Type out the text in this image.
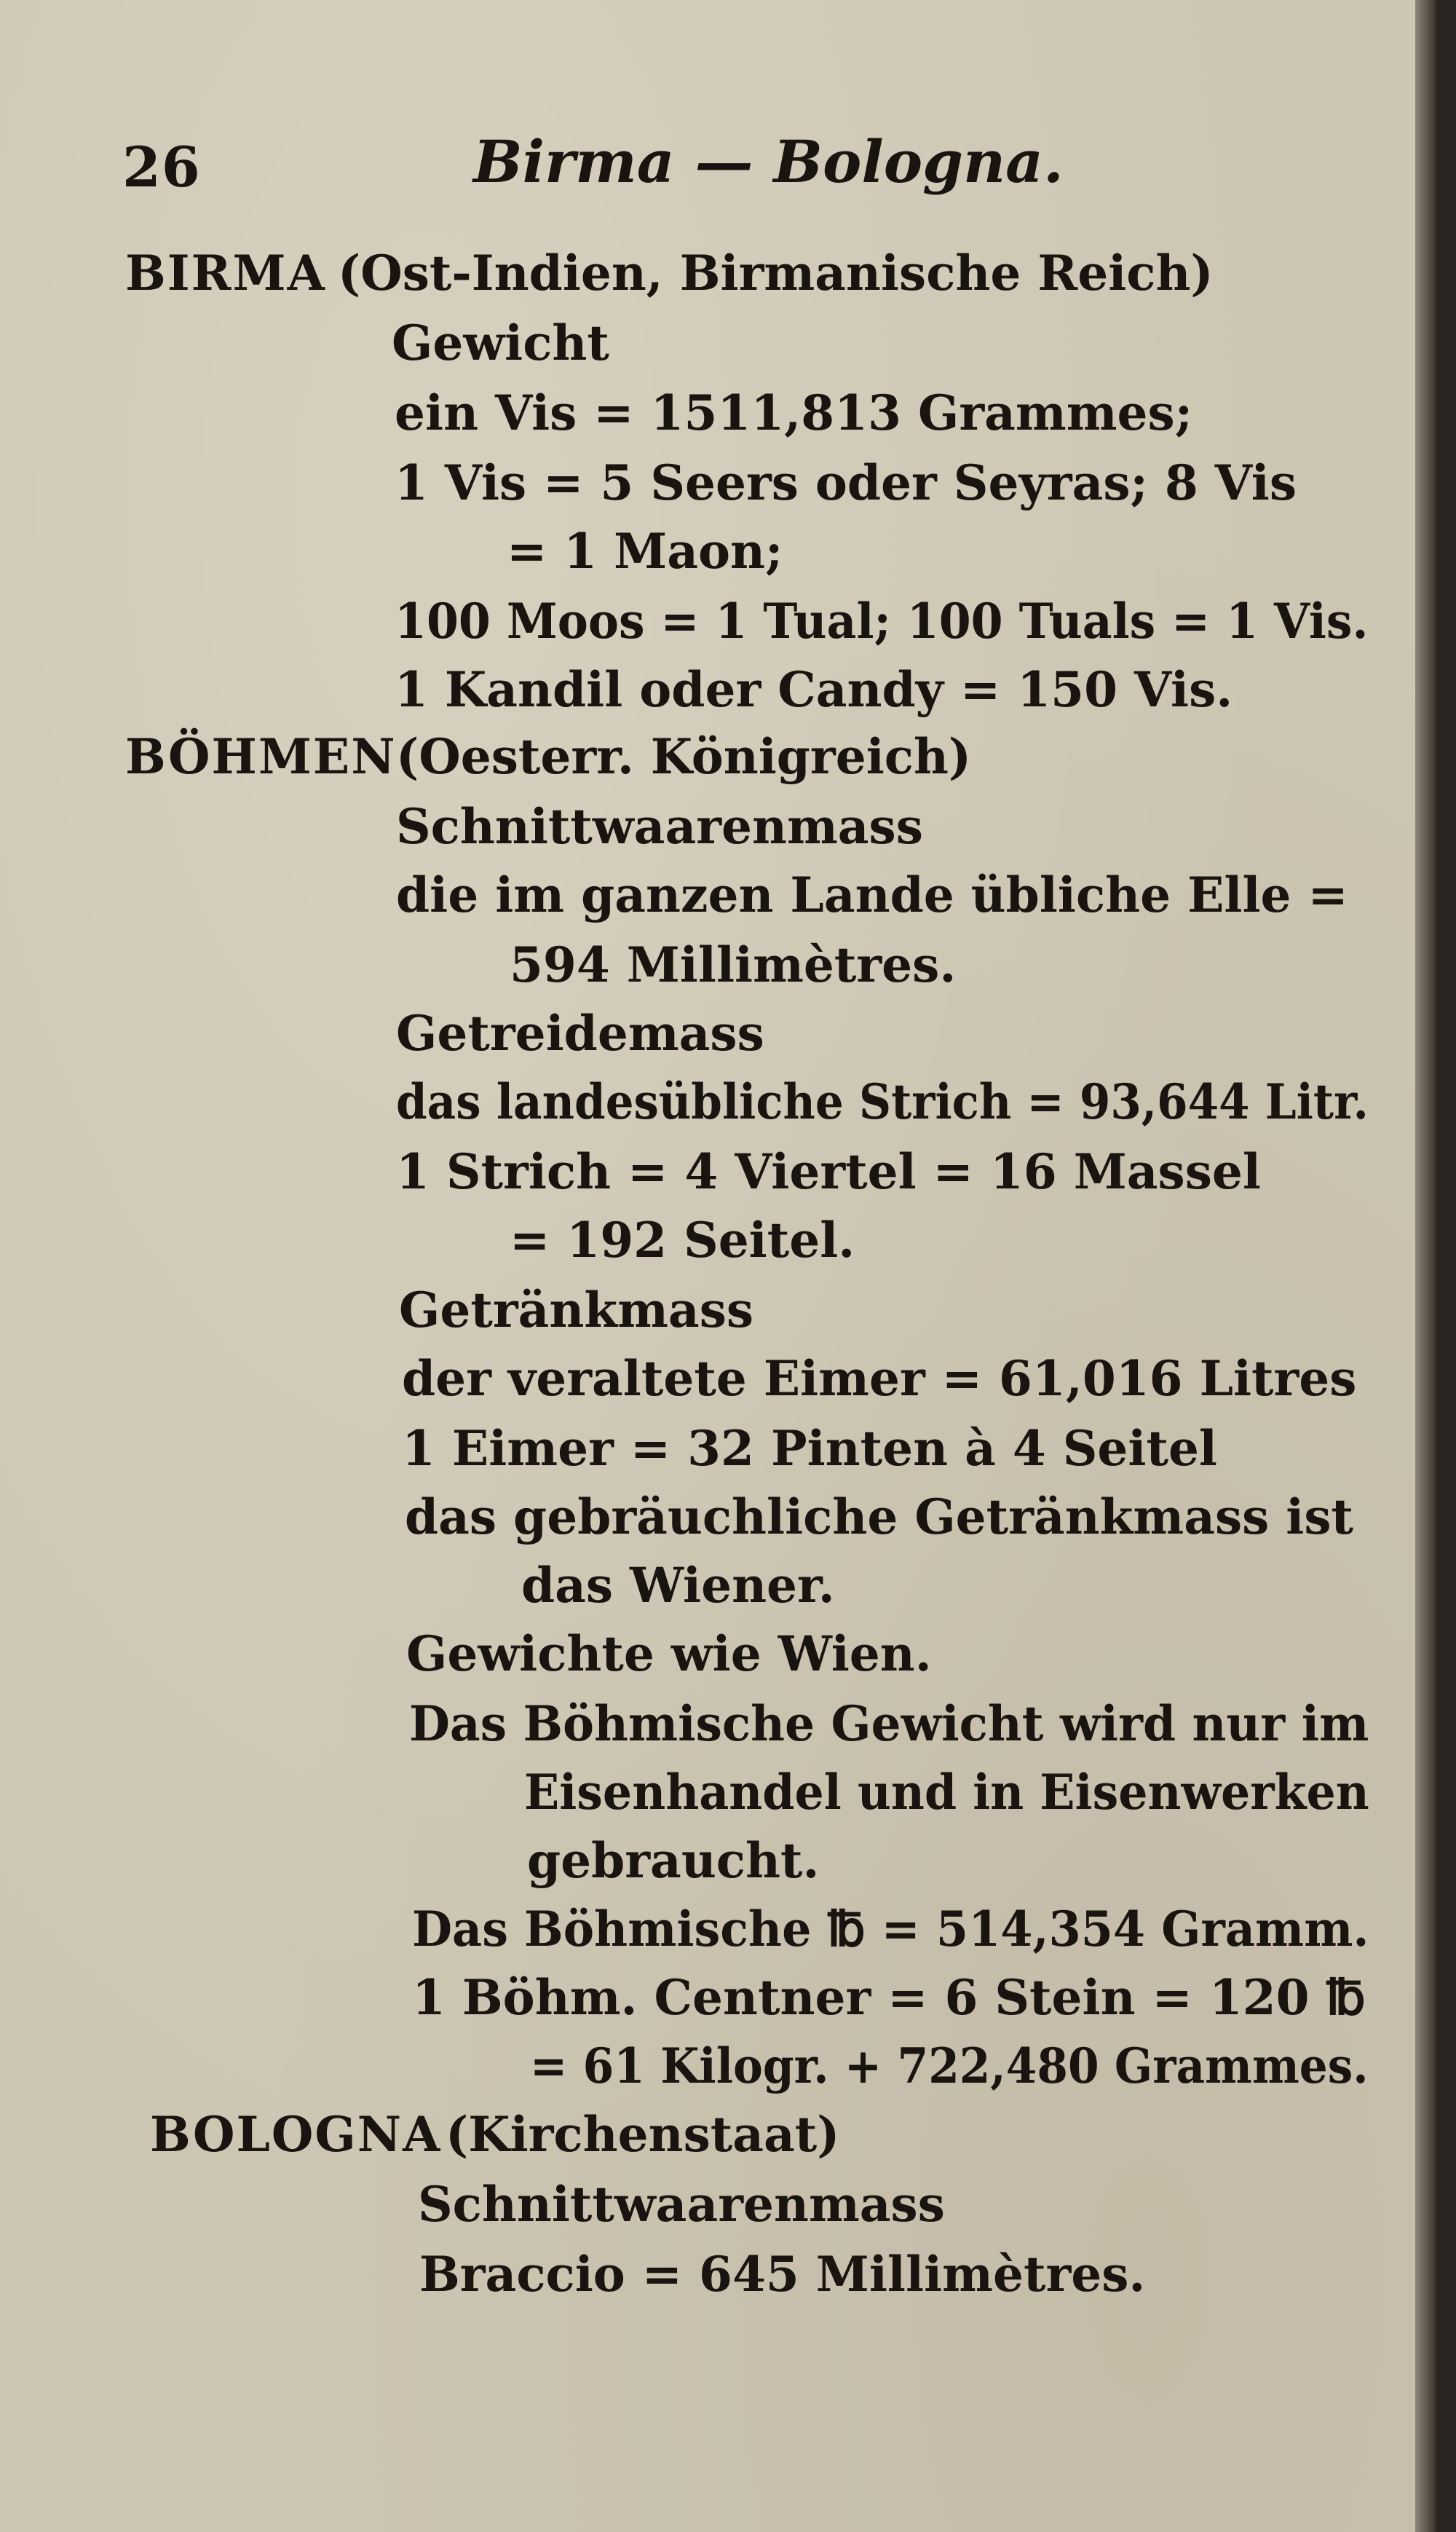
26	Birma — Bologna.
BIRMA (Ost-Indien, Birmanische Reich)
Gewicht
ein Vis = 1511,813 Grammes;
1 Vis = 5 Seers oder Seyras; 8 Vis
= 1 Maon;
100 Moos = 1 Tual; 100 Tuals = 1 Vis.
1 Kandil oder Candy = 150 Vis.
BÖHMEN (Oesterr. Königreich)
Schnittwaarenmass
die im ganzen Lande übliche Elle =
594 Millimètres.
Getreidemass
das landesübliche Strich = 93,644 Litr.
1 Strich = 4 Viertel = 16 Massel
= 192 Seitel.
Getränkmass
der veraltete Eimer = 61,016 Litres
1 Eimer = 32 Pinten à 4 Seitel
das gebräuchliche Getränkmass ist
das Wiener.
Gewichte wie Wien.
Das Böhmische Gewicht wird nur im
Eisenhandel und in Eisenwerken
gebraucht.
Das Böhmische ℔ = 514,354 Gramm.
1 Böhm. Centner = 6 Stein = 120 ℔
= 61 Kilogr. + 722,480 Grammes.
BOLOGNA (Kirchenstaat)
Schnittwaarenmass
Braccio = 645 Millimètres.
